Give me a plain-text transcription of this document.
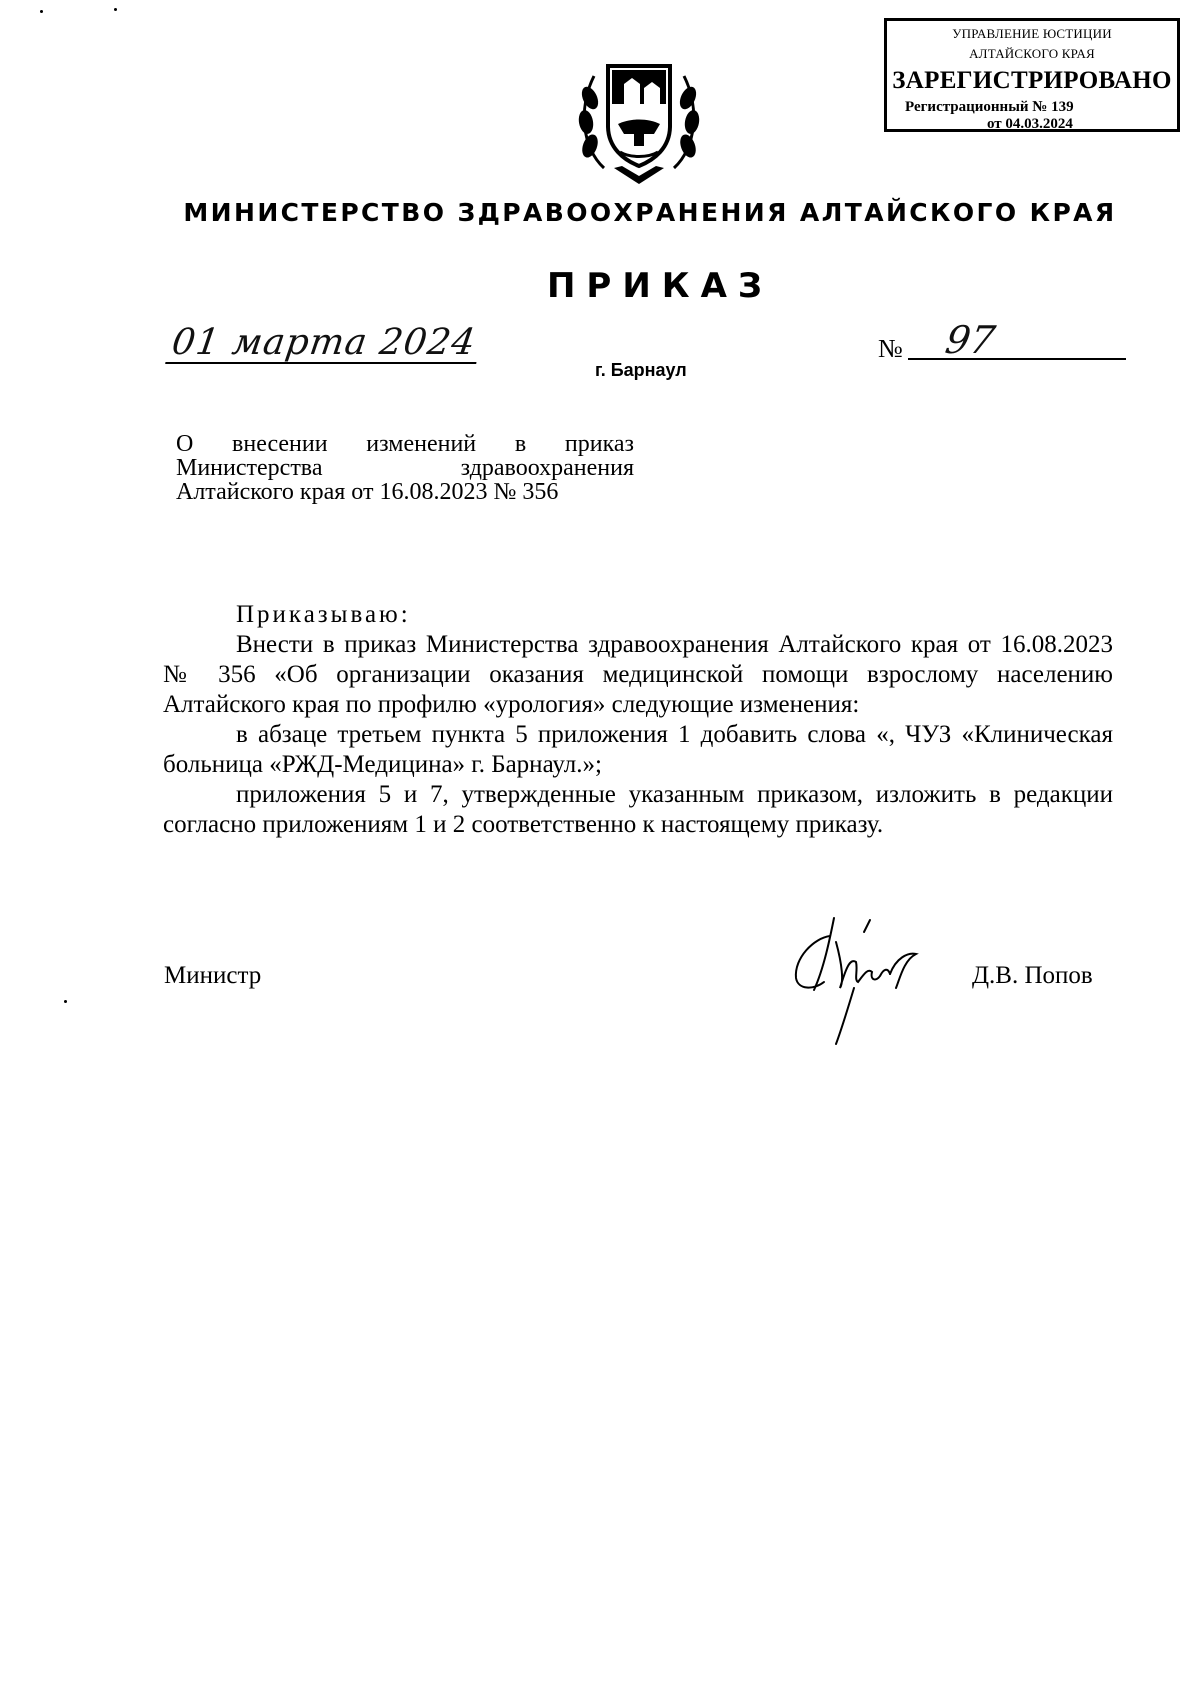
УПРАВЛЕНИЕ ЮСТИЦИИ
АЛТАЙСКОГО КРАЯ
ЗАРЕГИСТРИРОВАНО
Регистрационный № 139
от 04.03.2024
МИНИСТЕРСТВО ЗДРАВООХРАНЕНИЯ АЛТАЙСКОГО КРАЯ
ПРИКАЗ
01 марта 2024
г. Барнаул
№ 97

О   внесении   изменений   в   приказ

Министерства          здравоохранения

Алтайского края от 16.08.2023 № 356

Приказываю:

Внести в приказ Министерства здравоохранения Алтайского края от 16.08.2023 № 356 «Об организации оказания медицинской помощи взрослому населению Алтайского края по профилю «урология» следующие изменения:

в абзаце третьем пункта 5 приложения 1 добавить слова «, ЧУЗ «Клиническая больница «РЖД-Медицина» г. Барнаул.»;

приложения 5 и 7, утвержденные указанным приказом, изложить в редакции согласно приложениям 1 и 2 соответственно к настоящему приказу.

Министр	Д.В. Попов
